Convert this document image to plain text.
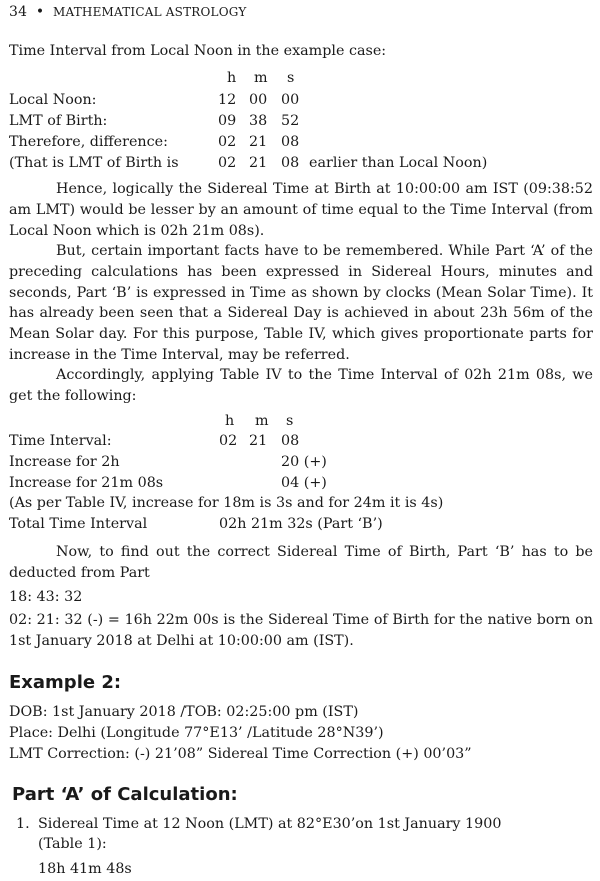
34 • MATHEMATICAL ASTROLOGY
Time Interval from Local Noon in the example case:
h m s
Local Noon:	12 00 00
LMT of Birth:	09 38 52
Therefore, difference:	02 21 08
(That is LMT of Birth is	02 21 08 earlier than Local Noon)
Hence, logically the Sidereal Time at Birth at 10:00:00 am IST (09:38:52 am LMT) would be lesser by an amount of time equal to the Time Interval (from Local Noon which is 02h 21m 08s).
But, certain important facts have to be remembered. While Part ‘A’ of the preceding calculations has been expressed in Sidereal Hours, minutes and seconds, Part ‘B’ is expressed in Time as shown by clocks (Mean Solar Time). It has already been seen that a Sidereal Day is achieved in about 23h 56m of the Mean Solar day. For this purpose, Table IV, which gives proportionate parts for increase in the Time Interval, may be referred.
Accordingly, applying Table IV to the Time Interval of 02h 21m 08s, we get the following:
h m s
Time Interval:	02 21 08
Increase for 2h	20 (+)
Increase for 21m 08s	04 (+)
(As per Table IV, increase for 18m is 3s and for 24m it is 4s)
Total Time Interval	02h 21m 32s (Part ‘B’)
Now, to find out the correct Sidereal Time of Birth, Part ‘B’ has to be deducted from Part
18: 43: 32
02: 21: 32 (-) = 16h 22m 00s is the Sidereal Time of Birth for the native born on 1st January 2018 at Delhi at 10:00:00 am (IST).
Example 2:
DOB: 1st January 2018 /TOB: 02:25:00 pm (IST)
Place: Delhi (Longitude 77°E13’ /Latitude 28°N39’)
LMT Correction: (-) 21’08” Sidereal Time Correction (+) 00’03”
Part ‘A’ of Calculation:
1. Sidereal Time at 12 Noon (LMT) at 82°E30’on 1st January 1900
(Table 1):
18h 41m 48s
